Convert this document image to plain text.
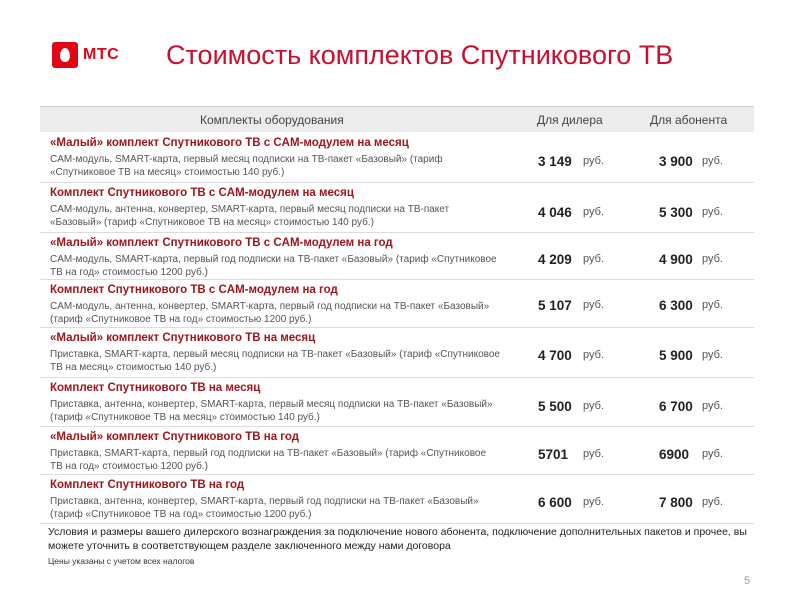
МТС Стоимость комплектов Спутникового ТВ
Комплекты оборудования	Для дилера	Для абонента
«Малый» комплект Спутникового ТВ с CAM-модулем на месяц
CAM-модуль, SMART-карта, первый месяц подписки на ТВ-пакет «Базовый» (тариф «Спутниковое ТВ на месяц» стоимостью 140 руб.)
3 149 руб.	3 900 руб.
Комплект Спутникового ТВ с CAM-модулем на месяц
CAM-модуль, антенна, конвертер, SMART-карта, первый месяц подписки на ТВ-пакет «Базовый» (тариф «Спутниковое ТВ на месяц» стоимостью 140 руб.)
4 046 руб.	5 300 руб.
«Малый» комплект Спутникового ТВ с CAM-модулем на год
CAM-модуль, SMART-карта, первый год подписки на ТВ-пакет «Базовый» (тариф «Спутниковое ТВ на год» стоимостью 1200 руб.)
4 209 руб.	4 900 руб.
Комплект Спутникового ТВ с CAM-модулем на год
CAM-модуль, антенна, конвертер, SMART-карта, первый год подписки на ТВ-пакет «Базовый» (тариф «Спутниковое ТВ на год» стоимостью 1200 руб.)
5 107 руб.	6 300 руб.
«Малый» комплект Спутникового ТВ на месяц
Приставка, SMART-карта, первый месяц подписки на ТВ-пакет «Базовый» (тариф «Спутниковое ТВ на месяц» стоимостью 140 руб.)
4 700 руб.	5 900 руб.
Комплект Спутникового ТВ на месяц
Приставка, антенна, конвертер, SMART-карта, первый месяц подписки на ТВ-пакет «Базовый» (тариф «Спутниковое ТВ на месяц» стоимостью 140 руб.)
5 500 руб.	6 700 руб.
«Малый» комплект Спутникового ТВ на год
Приставка, SMART-карта, первый год подписки на ТВ-пакет «Базовый» (тариф «Спутниковое ТВ на год» стоимостью 1200 руб.)
5701 руб.	6900 руб.
Комплект Спутникового ТВ на год
Приставка, антенна, конвертер, SMART-карта, первый год подписки на ТВ-пакет «Базовый» (тариф «Спутниковое ТВ на год» стоимостью 1200 руб.)
6 600 руб.	7 800 руб.
Условия и размеры вашего дилерского вознаграждения за подключение нового абонента, подключение дополнительных пакетов и прочее, вы можете уточнить в соответствующем разделе заключенного между нами договора
Цены указаны с учетом всех налогов
5
